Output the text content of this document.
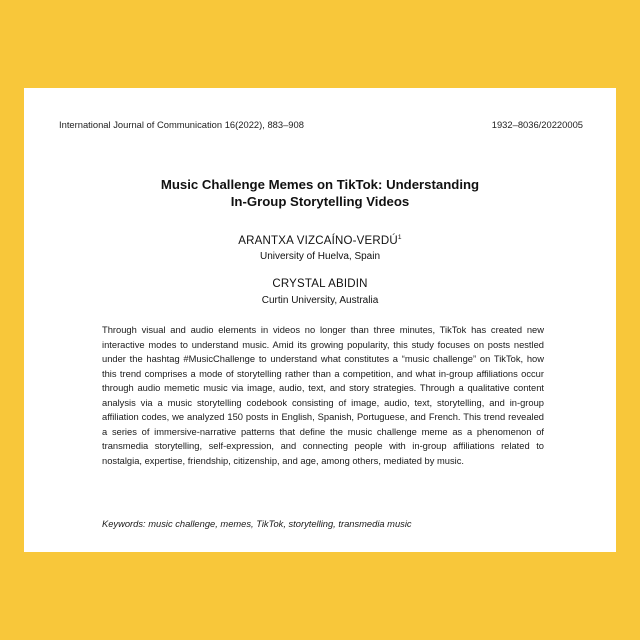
International Journal of Communication 16(2022), 883–908	1932–8036/20220005
Music Challenge Memes on TikTok: Understanding
In-Group Storytelling Videos
ARANTXA VIZCAÍNO-VERDÚ$^1$
University of Huelva, Spain
CRYSTAL ABIDIN
Curtin University, Australia
Through visual and audio elements in videos no longer than three minutes, TikTok has created new interactive modes to understand music. Amid its growing popularity, this study focuses on posts nestled under the hashtag #MusicChallenge to understand what constitutes a “music challenge” on TikTok, how this trend comprises a mode of storytelling rather than a competition, and what in-group affiliations occur through audio memetic music via image, audio, text, and story strategies. Through a qualitative content analysis via a music storytelling codebook consisting of image, audio, text, storytelling, and in-group affiliation codes, we analyzed 150 posts in English, Spanish, Portuguese, and French. This trend revealed a series of immersive-narrative patterns that define the music challenge meme as a phenomenon of transmedia storytelling, self-expression, and connecting people with in-group affiliations related to nostalgia, expertise, friendship, citizenship, and age, among others, mediated by music.
Keywords: music challenge, memes, TikTok, storytelling, transmedia music
